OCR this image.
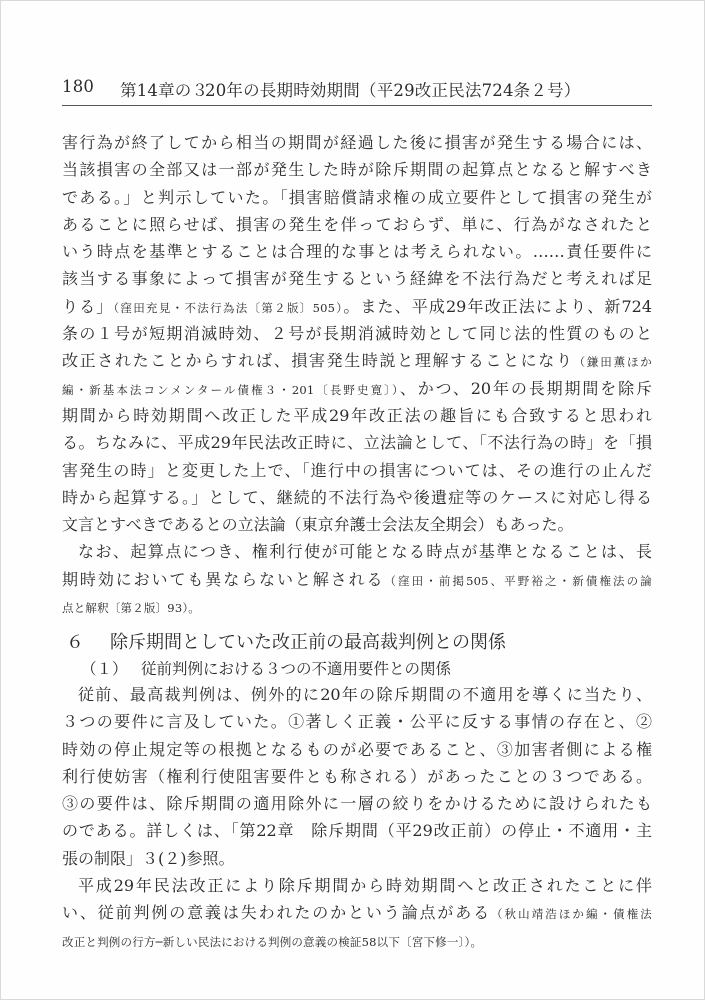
180 第14章の３
20年の長期時効期間（平29改正民法724条２号）
害行為が終了してから相当の期間が経過した後に損害が発生する場合には、
当該損害の全部又は一部が発生した時が除斥期間の起算点となると解すべき
である。」と判示していた。「損害賠償請求権の成立要件として損害の発生が
あることに照らせば、損害の発生を伴っておらず、単に、行為がなされたと
いう時点を基準とすることは合理的な事とは考えられない。……責任要件に
該当する事象によって損害が発生するという経緯を不法行為だと考えれば足
りる」（窪田充見・不法行為法〔第２版〕505）。また、平成29年改正法により、新724
条の１号が短期消滅時効、２号が長期消滅時効として同じ法的性質のものと
改正されたことからすれば、損害発生時説と理解することになり（鎌田薫ほか
編・新基本法コンメンタール債権３・201〔長野史寛〕）、かつ、20年の長期期間を除斥
期間から時効期間へ改正した平成29年改正法の趣旨にも合致すると思われ
る。ちなみに、平成29年民法改正時に、立法論として、「不法行為の時」を「損
害発生の時」と変更した上で、「進行中の損害については、その進行の止んだ
時から起算する。」として、継続的不法行為や後遺症等のケースに対応し得る
文言とすべきであるとの立法論（東京弁護士会法友全期会）もあった。
なお、起算点につき、権利行使が可能となる時点が基準となることは、長
期時効においても異ならないと解される（窪田・前掲505、平野裕之・新債権法の論
点と解釈〔第２版〕93）。
６ 除斥期間としていた改正前の最高裁判例との関係
（１） 従前判例における３つの不適用要件との関係
従前、最高裁判例は、例外的に20年の除斥期間の不適用を導くに当たり、
３つの要件に言及していた。①著しく正義・公平に反する事情の存在と、②
時効の停止規定等の根拠となるものが必要であること、③加害者側による権
利行使妨害（権利行使阻害要件とも称される）があったことの３つである。
③の要件は、除斥期間の適用除外に一層の絞りをかけるために設けられたも
のである。詳しくは、「第22章　除斥期間（平29改正前）の停止・不適用・主
張の制限」３(２)参照。
平成29年民法改正により除斥期間から時効期間へと改正されたことに伴
い、従前判例の意義は失われたのかという論点がある（秋山靖浩ほか編・債権法
改正と判例の行方─新しい民法における判例の意義の検証58以下〔宮下修一〕）。
